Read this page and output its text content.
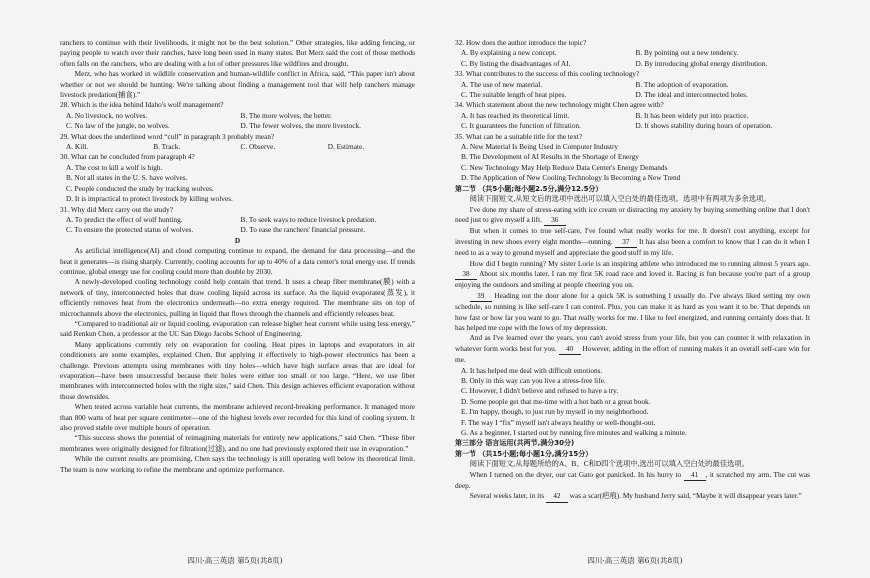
ranchers to continue with their livelihoods, it might not be the best solution.” Other strategies, like adding fencing, or paying people to watch over their ranches, have long been used in many states. But Merz said the cost of those methods often falls on the ranchers, who are dealing with a lot of other pressures like wildfires and drought.

Merz, who has worked in wildlife conservation and human-wildlife conflict in Africa, said, “This paper isn't about whether or not we should be hunting. We're talking about finding a management tool that will help ranchers manage livestock predation(捕食).”

28. Which is the idea behind Idaho's wolf management?

A. No livestock, no wolves.	B. The more wolves, the better.
C. No law of the jungle, no wolves.	D. The fewer wolves, the more livestock.

29. What does the underlined word “cull” in paragraph 3 probably mean?

A. Kill.	B. Track.	C. Observe.	D. Estimate.

30. What can be concluded from paragraph 4?

A. The cost to kill a wolf is high.
B. Not all states in the U. S. have wolves.
C. People conducted the study by tracking wolves.
D. It is impractical to protect livestock by killing wolves.

31. Why did Merz carry out the study?

A. To predict the effect of wolf hunting.	B. To seek ways to reduce livestock predation.
C. To ensure the protected status of wolves.	D. To ease the ranchers' financial pressure.

D

As artificial intelligence(AI) and cloud computing continue to expand, the demand for data processing—and the heat it generates—is rising sharply. Currently, cooling accounts for up to 40% of a data center's total energy use. If trends continue, global energy use for cooling could more than double by 2030.

A newly-developed cooling technology could help contain that trend. It uses a cheap fiber membrane(膜) with a network of tiny, interconnected holes that draw cooling liquid across its surface. As the liquid evaporates(蒸发), it efficiently removes heat from the electronics underneath—no extra energy required. The membrane sits on top of microchannels above the electronics, pulling in liquid that flows through the channels and efficiently releases heat.

“Compared to traditional air or liquid cooling, evaporation can release higher heat current while using less energy,” said Renkun Chen, a professor at the UC San Diego Jacobs School of Engineering.

Many applications currently rely on evaporation for cooling. Heat pipes in laptops and evaporators in air conditioners are some examples, explained Chen. But applying it effectively to high-power electronics has been a challenge. Previous attempts using membranes with tiny holes—which have high surface areas that are ideal for evaporation—have been unsuccessful because their holes were either too small or too large. “Here, we use fiber membranes with interconnected holes with the right size,” said Chen. This design achieves efficient evaporation without those downsides.

When tested across variable heat currents, the membrane achieved record-breaking performance. It managed more than 800 watts of heat per square centimeter—one of the highest levels ever recorded for this kind of cooling system. It also proved stable over multiple hours of operation.

“This success shows the potential of reimagining materials for entirely new applications,” said Chen. “These fiber membranes were originally designed for filtration(过滤), and no one had previously explored their use in evaporation.”

While the current results are promising, Chen says the technology is still operating well below its theoretical limit. The team is now working to refine the membrane and optimize performance.

32. How does the author introduce the topic?

A. By explaining a new concept.	B. By pointing out a new tendency.
C. By listing the disadvantages of AI.	D. By introducing global energy distribution.

33. What contributes to the success of this cooling technology?

A. The use of new material.	B. The adoption of evaporation.
C. The suitable length of heat pipes.	D. The ideal and interconnected holes.

34. Which statement about the new technology might Chen agree with?

A. It has reached its theoretical limit.	B. It has been widely put into practice.
C. It guarantees the function of filtration.	D. It shows stability during hours of operation.

35. What can be a suitable title for the text?

A. New Material Is Being Used in Computer Industry
B. The Development of AI Results in the Shortage of Energy
C. New Technology May Help Reduce Data Center's Energy Demands
D. The Application of New Cooling Technology Is Becoming a New Trend

第二节 （共5小题;每小题2.5分,满分12.5分）

阅读下面短文,从短文后的选项中选出可以填入空白处的最佳选项。选项中有两项为多余选项。

I've done my share of stress-eating with ice cream or distracting my anxiety by buying something online that I don't need just to give myself a lift. 36

But when it comes to true self-care, I've found what really works for me. It doesn't cost anything, except for investing in new shoes every eight months—running. 37 It has also been a comfort to know that I can do it when I need to as a way to ground myself and appreciate the good stuff in my life.

How did I begin running? My sister Lorie is an inspiring athlete who introduced me to running almost 5 years ago. 38 About six months later, I ran my first 5K road race and loved it. Racing is fun because you're part of a group enjoying the outdoors and smiling at people cheering you on.

39 Heading out the door alone for a quick 5K is something I usually do. I've always liked setting my own schedule, so running is like self-care I can control. Plus, you can make it as hard as you want it to be. That depends on how fast or how far you want to go. That really works for me. I like to feel energized, and running certainly does that. It has helped me cope with the lows of my depression.

And as I've learned over the years, you can't avoid stress from your life, but you can counter it with relaxation in whatever form works best for you. 40 However, adding in the effort of running makes it an overall self-care win for me.

A. It has helped me deal with difficult emotions.
B. Only in this way can you live a stress-free life.
C. However, I didn't believe and refused to have a try.
D. Some people get that me-time with a hot bath or a great book.
E. I'm happy, though, to just run by myself in my neighborhood.
F. The way I “fix” myself isn't always healthy or well-thought-out.
G. As a beginner, I started out by running five minutes and walking a minute.

第三部分 语言运用(共两节,满分30分)

第一节 （共15小题;每小题1分,满分15分）

阅读下面短文,从每题所给的A、B、C和D四个选项中,选出可以填入空白处的最佳选项。

When I turned on the dryer, our cat Gato got panicked. In his hurry to 41 , it scratched my arm. The cut was deep.

Several weeks later, in its 42 was a scar(疤痕). My husband Jerry said, “Maybe it will disappear years later.”

四川·高三英语 第5页(共8页)	四川·高三英语 第6页(共8页)
